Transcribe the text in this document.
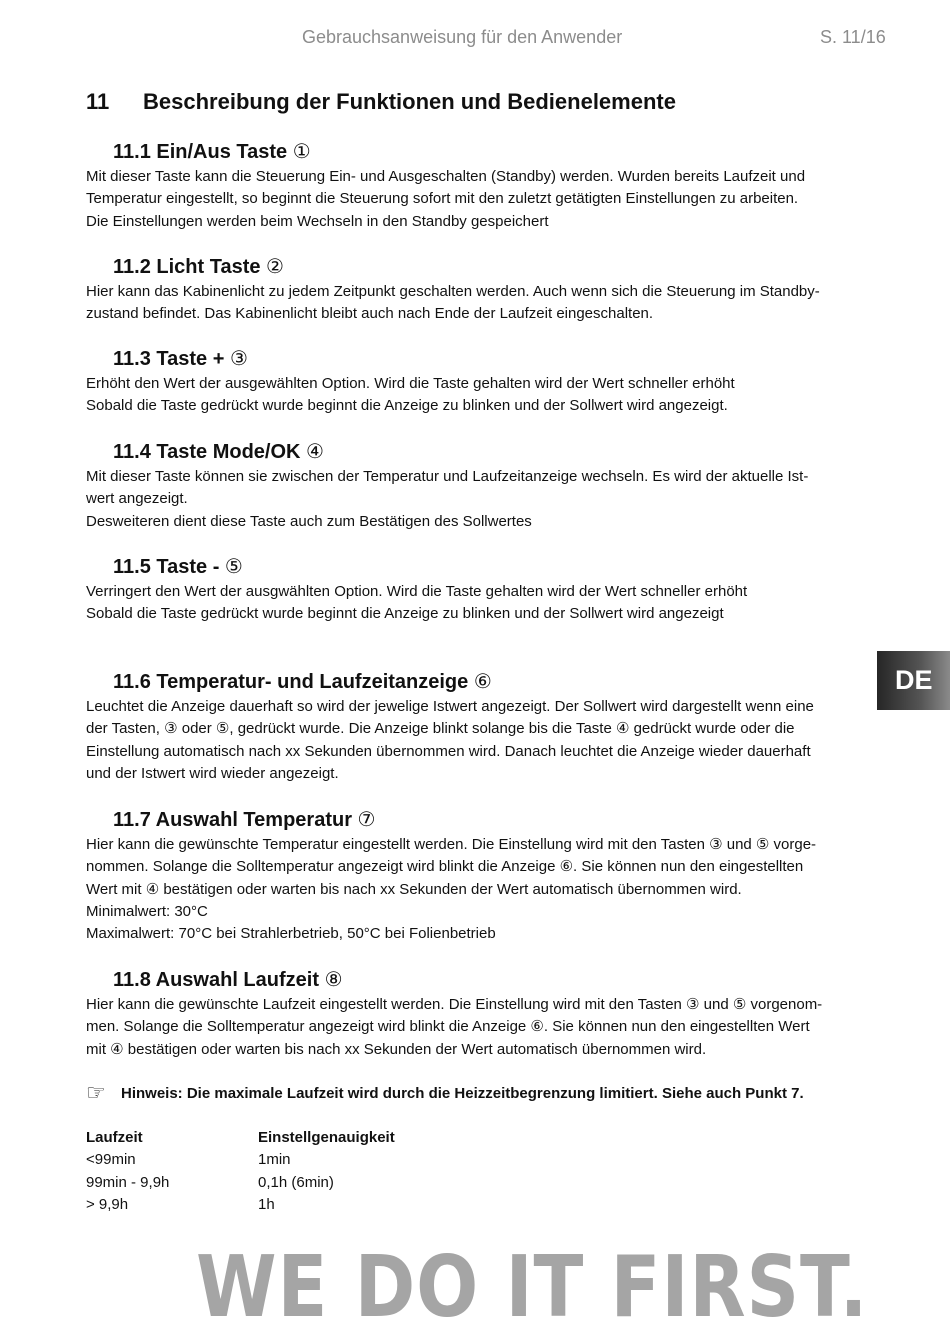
Gebrauchsanweisung für den Anwender	S. 11/16
11 Beschreibung der Funktionen und Bedienelemente
11.1 Ein/Aus Taste ①
Mit dieser Taste kann die Steuerung Ein- und Ausgeschalten (Standby) werden. Wurden bereits Laufzeit und
Temperatur eingestellt, so beginnt die Steuerung sofort mit den zuletzt getätigten Einstellungen zu arbeiten.
Die Einstellungen werden beim Wechseln in den Standby gespeichert
11.2 Licht Taste ②
Hier kann das Kabinenlicht zu jedem Zeitpunkt geschalten werden. Auch wenn sich die Steuerung im Standby-
zustand befindet. Das Kabinenlicht bleibt auch nach Ende der Laufzeit eingeschalten.
11.3 Taste + ③
Erhöht den Wert der ausgewählten Option. Wird die Taste gehalten wird der Wert schneller erhöht
Sobald die Taste gedrückt wurde beginnt die Anzeige zu blinken und der Sollwert wird angezeigt.
11.4 Taste Mode/OK ④
Mit dieser Taste können sie zwischen der Temperatur und Laufzeitanzeige wechseln. Es wird der aktuelle Ist-
wert angezeigt.
Desweiteren dient diese Taste auch zum Bestätigen des Sollwertes
11.5 Taste - ⑤
Verringert den Wert der ausgwählten Option. Wird die Taste gehalten wird der Wert schneller erhöht
Sobald die Taste gedrückt wurde beginnt die Anzeige zu blinken und der Sollwert wird angezeigt
11.6 Temperatur- und Laufzeitanzeige ⑥
Leuchtet die Anzeige dauerhaft so wird der jewelige Istwert angezeigt. Der Sollwert wird dargestellt wenn eine
der Tasten, ③ oder ⑤, gedrückt wurde. Die Anzeige blinkt solange bis die Taste ④ gedrückt wurde oder die
Einstellung automatisch nach xx Sekunden übernommen wird. Danach leuchtet die Anzeige wieder dauerhaft
und der Istwert wird wieder angezeigt.
11.7 Auswahl Temperatur ⑦
Hier kann die gewünschte Temperatur eingestellt werden. Die Einstellung wird mit den Tasten ③ und ⑤ vorge-
nommen. Solange die Solltemperatur angezeigt wird blinkt die Anzeige ⑥. Sie können nun den eingestellten
Wert mit ④ bestätigen oder warten bis nach xx Sekunden der Wert automatisch übernommen wird.
Minimalwert: 30°C
Maximalwert: 70°C bei Strahlerbetrieb, 50°C bei Folienbetrieb
11.8 Auswahl Laufzeit ⑧
Hier kann die gewünschte Laufzeit eingestellt werden. Die Einstellung wird mit den Tasten ③ und ⑤ vorgenom-
men. Solange die Solltemperatur angezeigt wird blinkt die Anzeige ⑥. Sie können nun den eingestellten Wert
mit ④ bestätigen oder warten bis nach xx Sekunden der Wert automatisch übernommen wird.
☞ Hinweis: Die maximale Laufzeit wird durch die Heizzeitbegrenzung limitiert. Siehe auch Punkt 7.
Laufzeit	Einstellgenauigkeit
<99min	1min
99min - 9,9h	0,1h (6min)
> 9,9h	1h
DE
WE DO IT FIRST.
